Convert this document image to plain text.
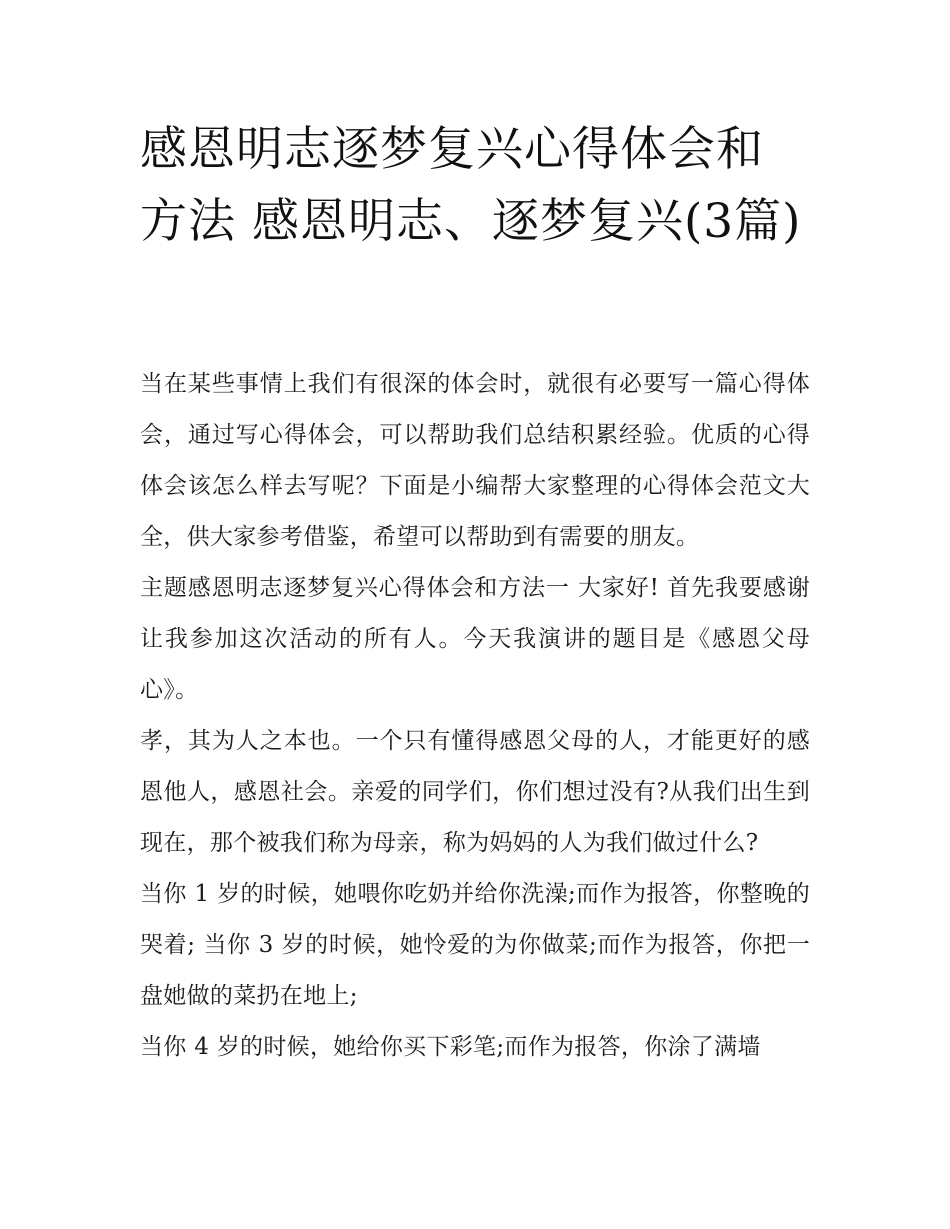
感恩明志逐梦复兴心得体会和方法 感恩明志、逐梦复兴(3篇)

当在某些事情上我们有很深的体会时，就很有必要写一篇心得体会，通过写心得体会，可以帮助我们总结积累经验。优质的心得体会该怎么样去写呢？下面是小编帮大家整理的心得体会范文大全，供大家参考借鉴，希望可以帮助到有需要的朋友。

主题感恩明志逐梦复兴心得体会和方法一 大家好! 首先我要感谢让我参加这次活动的所有人。今天我演讲的题目是《感恩父母心》。

孝，其为人之本也。一个只有懂得感恩父母的人，才能更好的感恩他人，感恩社会。亲爱的同学们，你们想过没有?从我们出生到现在，那个被我们称为母亲，称为妈妈的人为我们做过什么?

当你 1 岁的时候，她喂你吃奶并给你洗澡;而作为报答，你整晚的哭着; 当你 3 岁的时候，她怜爱的为你做菜;而作为报答，你把一盘她做的菜扔在地上;

当你 4 岁的时候，她给你买下彩笔;而作为报答，你涂了满墙
